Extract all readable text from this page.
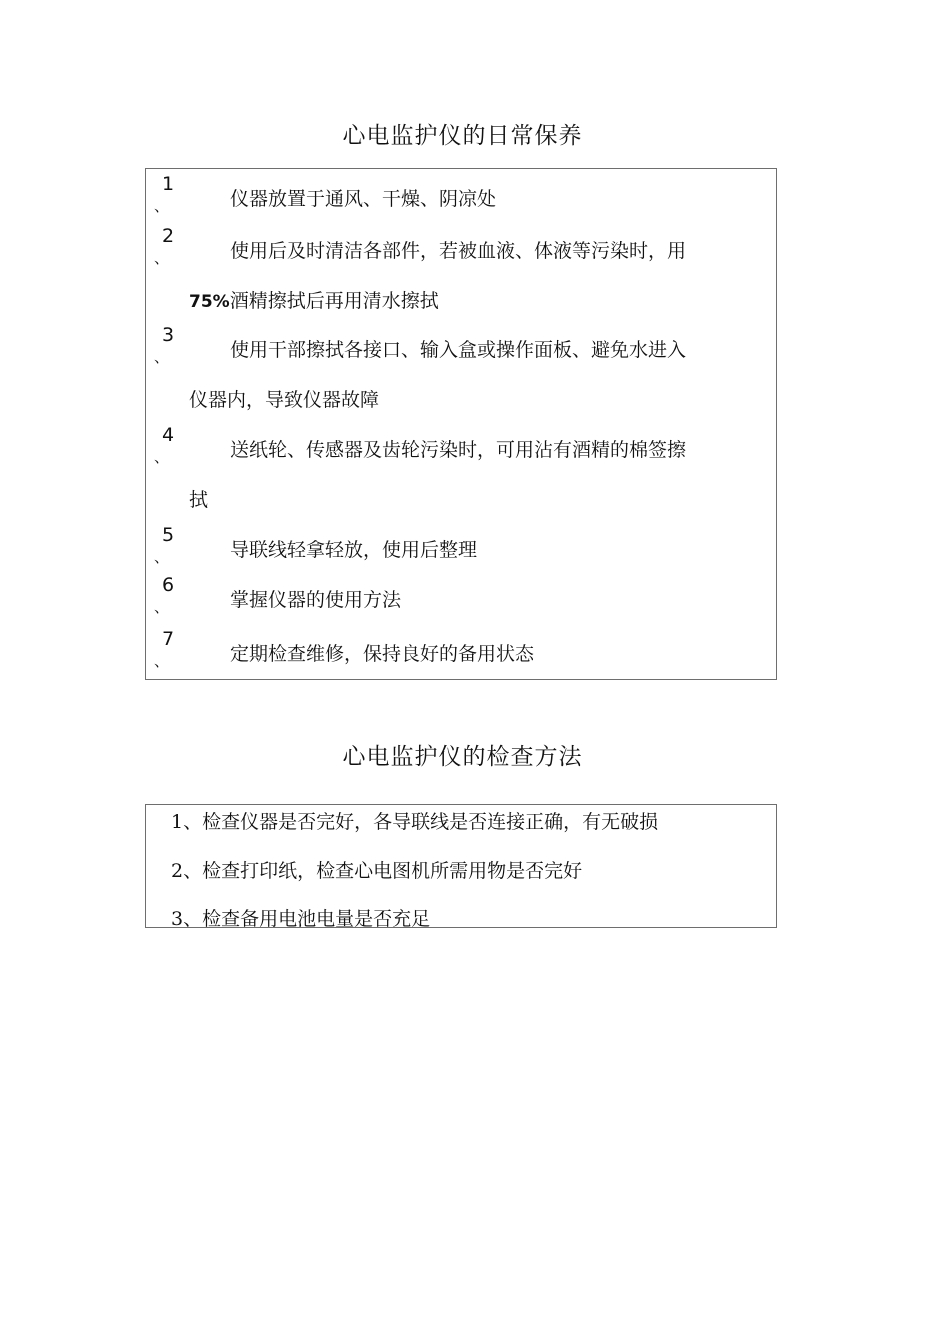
心电监护仪的日常保养
1
、	仪器放置于通风、干燥、阴凉处
2
、	使用后及时清洁各部件，若被血液、体液等污染时，用
75%酒精擦拭后再用清水擦拭
3
、	使用干部擦拭各接口、输入盒或操作面板、避免水进入
仪器内，导致仪器故障
4
、	送纸轮、传感器及齿轮污染时，可用沾有酒精的棉签擦
拭
5
、	导联线轻拿轻放，使用后整理
6
、	掌握仪器的使用方法
7
、	定期检查维修，保持良好的备用状态
心电监护仪的检查方法
1、检查仪器是否完好，各导联线是否连接正确，有无破损
2、检查打印纸，检查心电图机所需用物是否完好
3、检查备用电池电量是否充足
